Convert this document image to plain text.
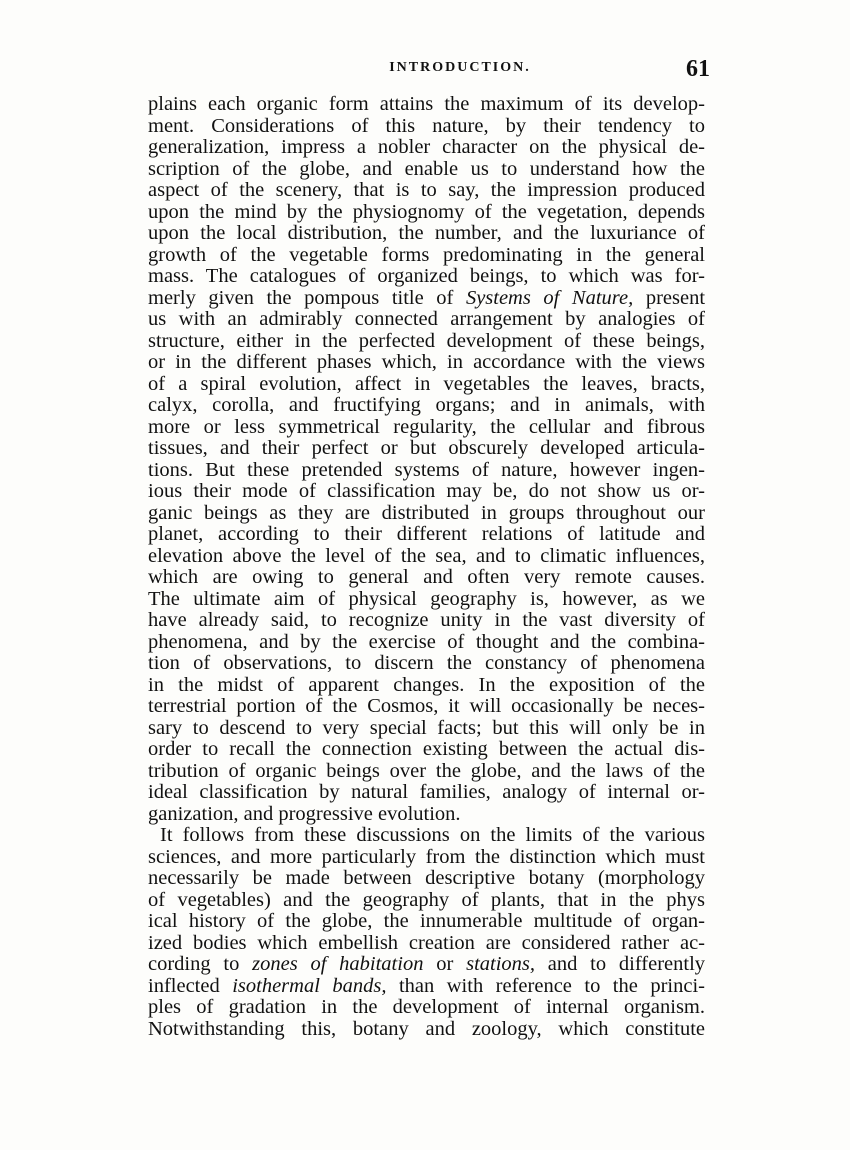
INTRODUCTION.	61
plains each organic form attains the maximum of its develop-
ment. Considerations of this nature, by their tendency to
generalization, impress a nobler character on the physical de-
scription of the globe, and enable us to understand how the
aspect of the scenery, that is to say, the impression produced
upon the mind by the physiognomy of the vegetation, depends
upon the local distribution, the number, and the luxuriance of
growth of the vegetable forms predominating in the general
mass. The catalogues of organized beings, to which was for-
merly given the pompous title of Systems of Nature, present
us with an admirably connected arrangement by analogies of
structure, either in the perfected development of these beings,
or in the different phases which, in accordance with the views
of a spiral evolution, affect in vegetables the leaves, bracts,
calyx, corolla, and fructifying organs; and in animals, with
more or less symmetrical regularity, the cellular and fibrous
tissues, and their perfect or but obscurely developed articula-
tions. But these pretended systems of nature, however ingen-
ious their mode of classification may be, do not show us or-
ganic beings as they are distributed in groups throughout our
planet, according to their different relations of latitude and
elevation above the level of the sea, and to climatic influences,
which are owing to general and often very remote causes.
The ultimate aim of physical geography is, however, as we
have already said, to recognize unity in the vast diversity of
phenomena, and by the exercise of thought and the combina-
tion of observations, to discern the constancy of phenomena
in the midst of apparent changes. In the exposition of the
terrestrial portion of the Cosmos, it will occasionally be neces-
sary to descend to very special facts; but this will only be in
order to recall the connection existing between the actual dis-
tribution of organic beings over the globe, and the laws of the
ideal classification by natural families, analogy of internal or-
ganization, and progressive evolution.
It follows from these discussions on the limits of the various
sciences, and more particularly from the distinction which must
necessarily be made between descriptive botany (morphology
of vegetables) and the geography of plants, that in the phys
ical history of the globe, the innumerable multitude of organ-
ized bodies which embellish creation are considered rather ac-
cording to zones of habitation or stations, and to differently
inflected isothermal bands, than with reference to the princi-
ples of gradation in the development of internal organism.
Notwithstanding this, botany and zoology, which constitute
